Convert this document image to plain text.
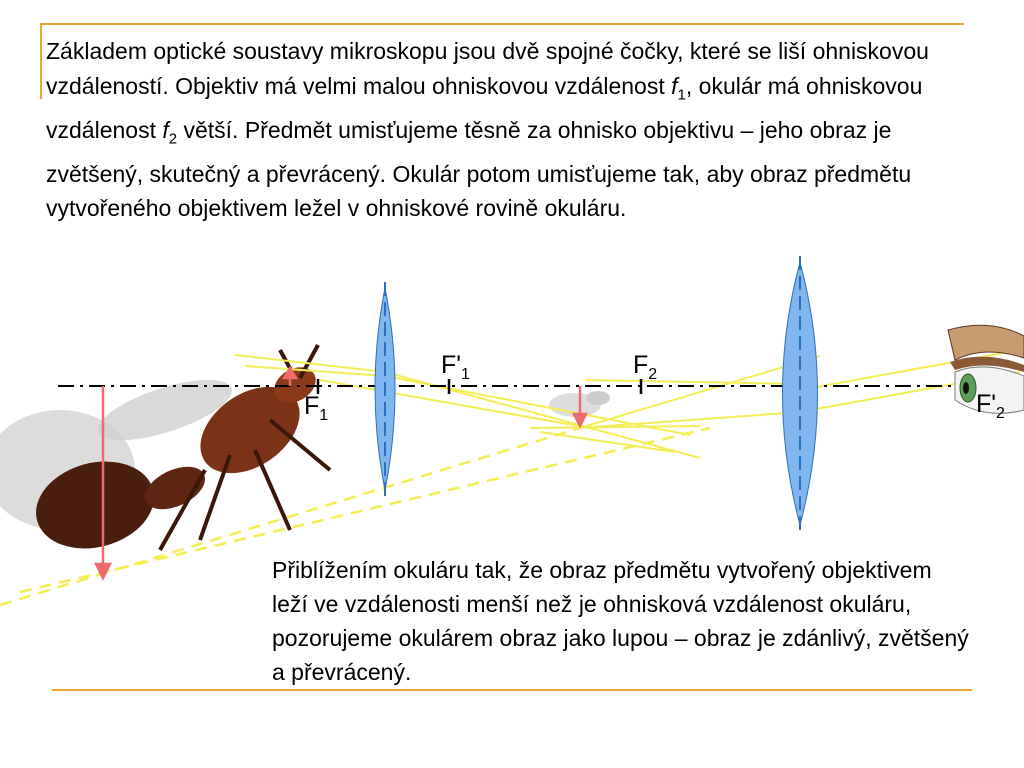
Základem optické soustavy mikroskopu jsou dvě spojné čočky, které se liší ohniskovou vzdáleností. Objektiv má velmi malou ohniskovou vzdálenost $f_1$, okulár má ohniskovou vzdálenost $f_2$ větší. Předmět umisťujeme těsně za ohnisko objektivu – jeho obraz je zvětšený, skutečný a převrácený. Okulár potom umisťujeme tak, aby obraz předmětu vytvořeného objektivem ležel v ohniskové rovině okuláru.

$F_1$
$F'_1$	$F_2$
$F'_2$

Přiblížením okuláru tak, že obraz předmětu vytvořený objektivem leží ve vzdálenosti menší než je ohnisková vzdálenost okuláru, pozorujeme okulárem obraz jako lupou – obraz je zdánlivý, zvětšený a převrácený.
